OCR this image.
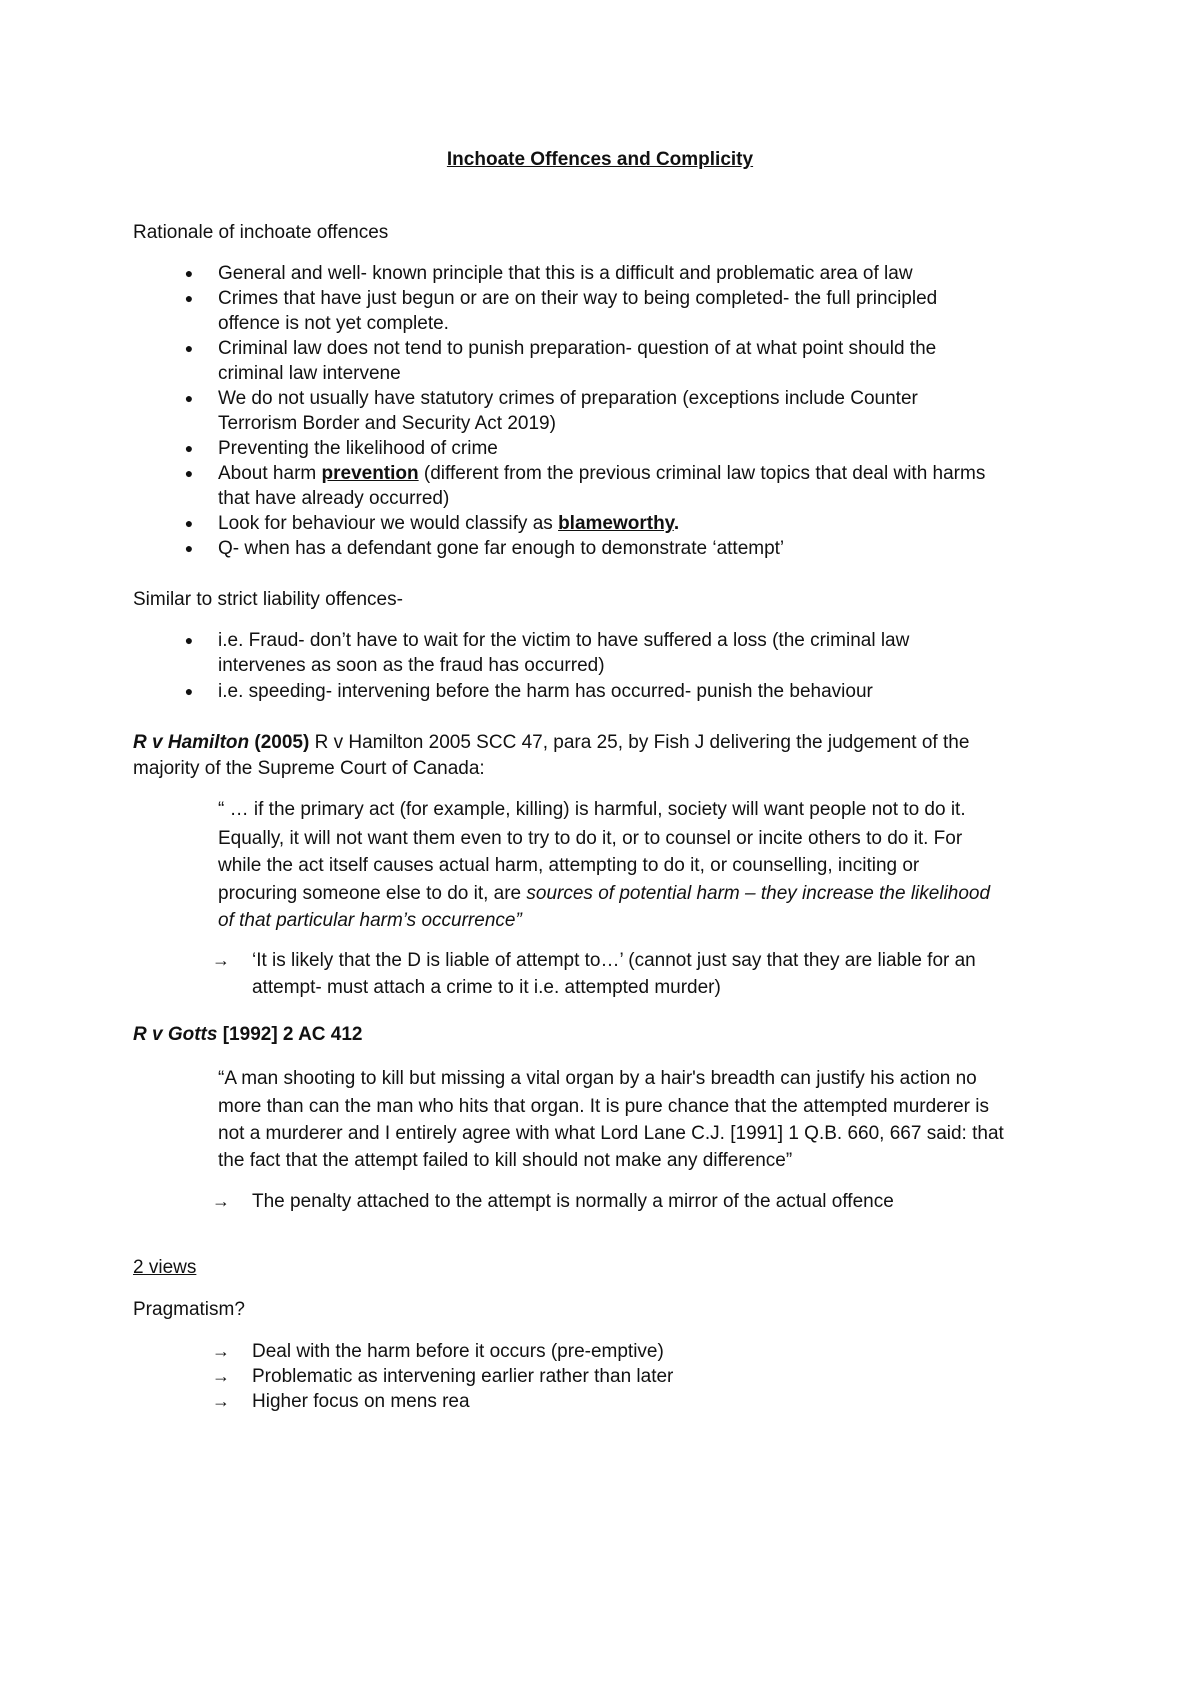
Inchoate Offences and Complicity
Rationale of inchoate offences
● General and well- known principle that this is a difficult and problematic area of law
● Crimes that have just begun or are on their way to being completed- the full principled
offence is not yet complete.
● Criminal law does not tend to punish preparation- question of at what point should the
criminal law intervene
● We do not usually have statutory crimes of preparation (exceptions include Counter
Terrorism Border and Security Act 2019)
● Preventing the likelihood of crime
● About harm prevention (different from the previous criminal law topics that deal with harms
that have already occurred)
● Look for behaviour we would classify as blameworthy.
● Q- when has a defendant gone far enough to demonstrate ‘attempt’
Similar to strict liability offences-
● i.e. Fraud- don’t have to wait for the victim to have suffered a loss (the criminal law
intervenes as soon as the fraud has occurred)
● i.e. speeding- intervening before the harm has occurred- punish the behaviour
R v Hamilton (2005) R v Hamilton 2005 SCC 47, para 25, by Fish J delivering the judgement of the
majority of the Supreme Court of Canada:
“ … if the primary act (for example, killing) is harmful, society will want people not to do it.
Equally, it will not want them even to try to do it, or to counsel or incite others to do it. For
while the act itself causes actual harm, attempting to do it, or counselling, inciting or
procuring someone else to do it, are sources of potential harm – they increase the likelihood
of that particular harm’s occurrence”
→ ‘It is likely that the D is liable of attempt to…’ (cannot just say that they are liable for an
attempt- must attach a crime to it i.e. attempted murder)
R v Gotts [1992] 2 AC 412
“A man shooting to kill but missing a vital organ by a hair's breadth can justify his action no
more than can the man who hits that organ. It is pure chance that the attempted murderer is
not a murderer and I entirely agree with what Lord Lane C.J. [1991] 1 Q.B. 660, 667 said: that
the fact that the attempt failed to kill should not make any difference”
→ The penalty attached to the attempt is normally a mirror of the actual offence
2 views
Pragmatism?
→ Deal with the harm before it occurs (pre-emptive)
→ Problematic as intervening earlier rather than later
→ Higher focus on mens rea
